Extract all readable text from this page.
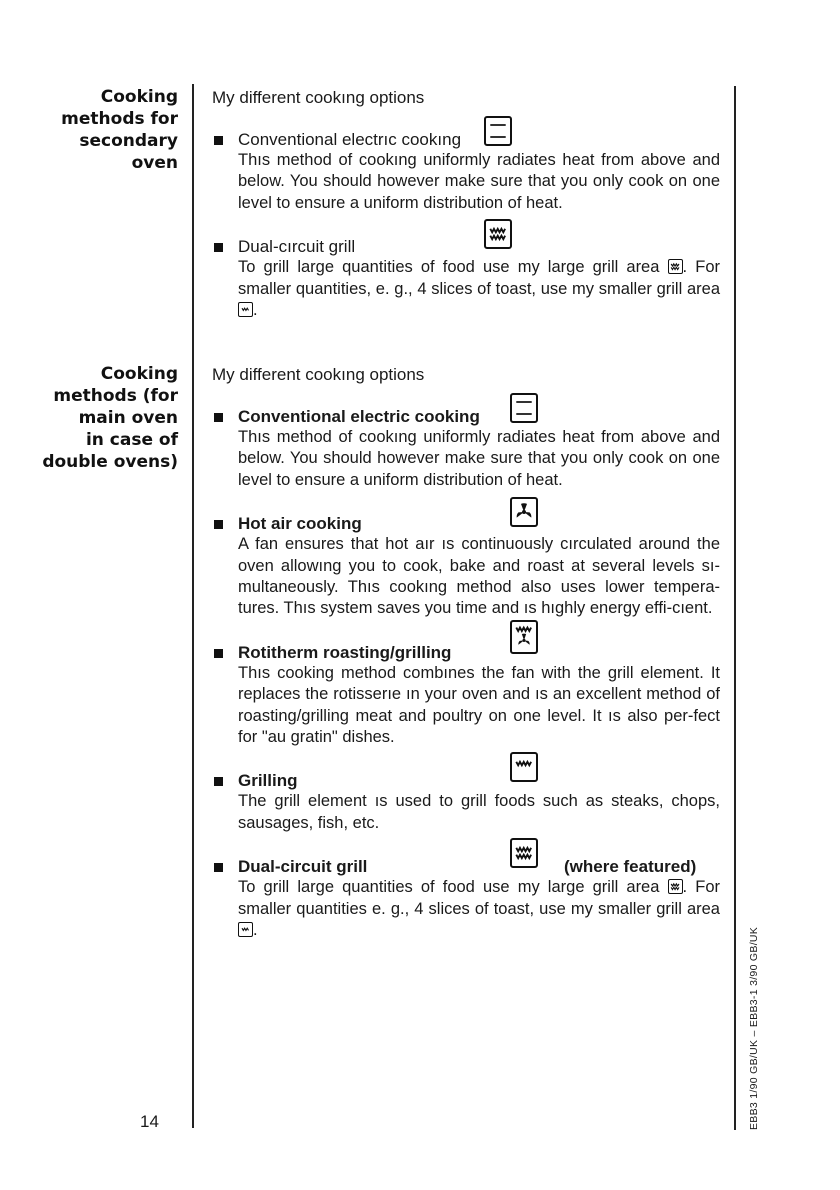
Cooking
methods for
secondary
oven
Cooking
methods (for
main oven
in case of
double ovens)
My different cookıng options
Conventional electrıc cookıng
Thıs method of cookıng uniformly radiates heat from above and below. You should however make sure that you only cook on one level to ensure a uniform distribution of heat.
Dual-cırcuit grill
To grill large quantities of food use my large grill area . For smaller quantities, e. g., 4 slices of toast, use my smaller grill area
.
My different cookıng options
Conventional electric cooking
Thıs method of cookıng uniformly radiates heat from above and below. You should however make sure that you only cook on one level to ensure a uniform distribution of heat.
Hot air cooking
A fan ensures that hot aır ıs continuously cırculated around the oven allowıng you to cook, bake and roast at several levels sı-multaneously. Thıs cookıng method also uses lower tempera-tures. Thıs system saves you time and ıs hıghly energy effi-cıent.
Rotitherm roasting/grilling
Thıs cooking method combınes the fan with the grill element. It replaces the rotisserıe ın your oven and ıs an excellent method of roasting/grilling meat and poultry on one level. It ıs also per-fect for "au gratin" dishes.
Grilling
The grill element ıs used to grill foods such as steaks, chops, sausages, fish, etc.
Dual-circuit grill	(where featured)
To grill large quantities of food use my large grill area . For smaller quantities e. g., 4 slices of toast, use my smaller grill area
.
14	EBB3 1/90 GB/UK – EBB3-1 3/90 GB/UK
